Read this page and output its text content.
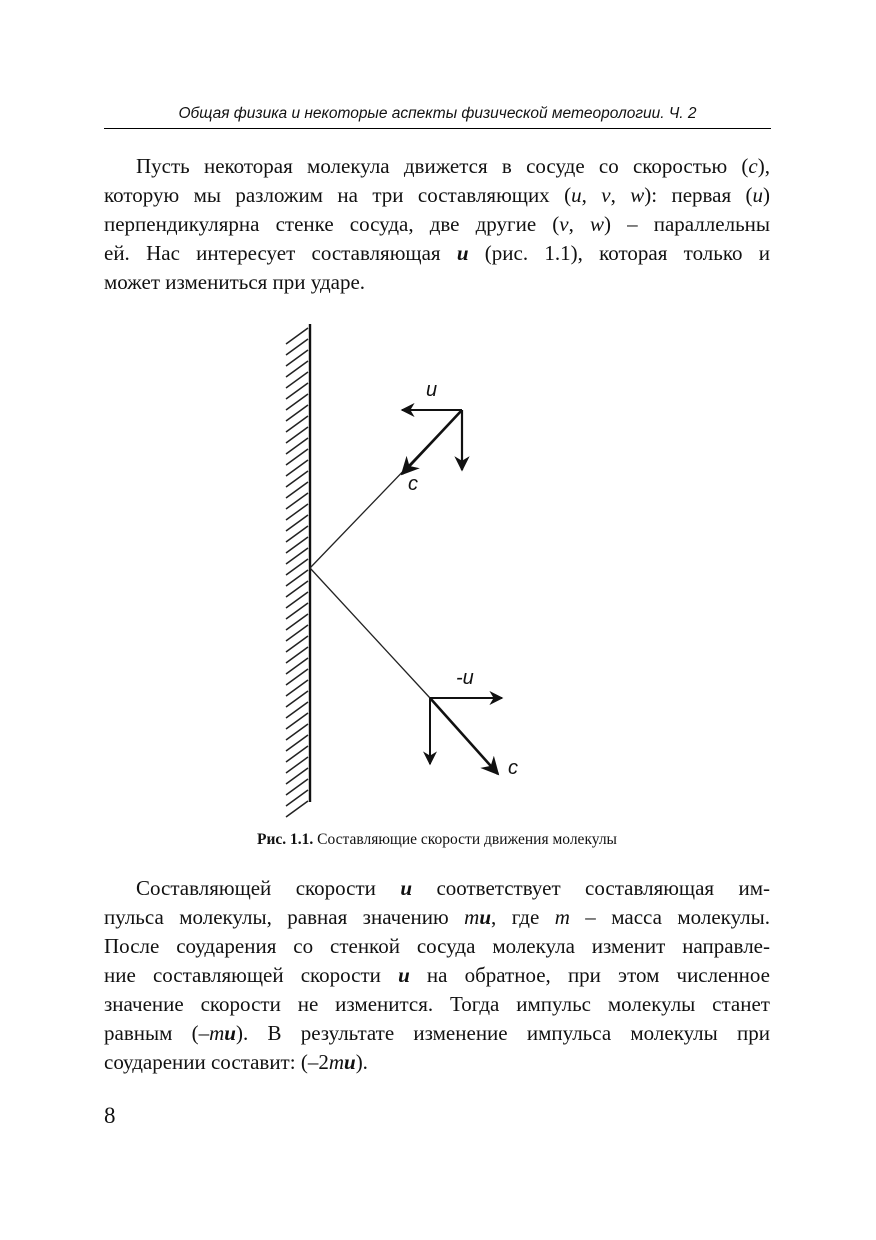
Общая физика и некоторые аспекты физической метеорологии. Ч. 2
Пусть некоторая молекула движется в сосуде со скоростью (c),
которую мы разложим на три составляющих (u, v, w): первая (u)
перпендикулярна стенке сосуда, две другие (v, w) – параллельны
ей. Нас интересует составляющая u (рис. 1.1), которая только и
может измениться при ударе.
u
c
-u
c
Рис. 1.1. Составляющие скорости движения молекулы
Составляющей скорости u соответствует составляющая им-
пульса молекулы, равная значению mu, где m – масса молекулы.
После соударения со стенкой сосуда молекула изменит направле-
ние составляющей скорости u на обратное, при этом численное
значение скорости не изменится. Тогда импульс молекулы станет
равным (–mu). В результате изменение импульса молекулы при
соударении составит: (–2mu).
8
